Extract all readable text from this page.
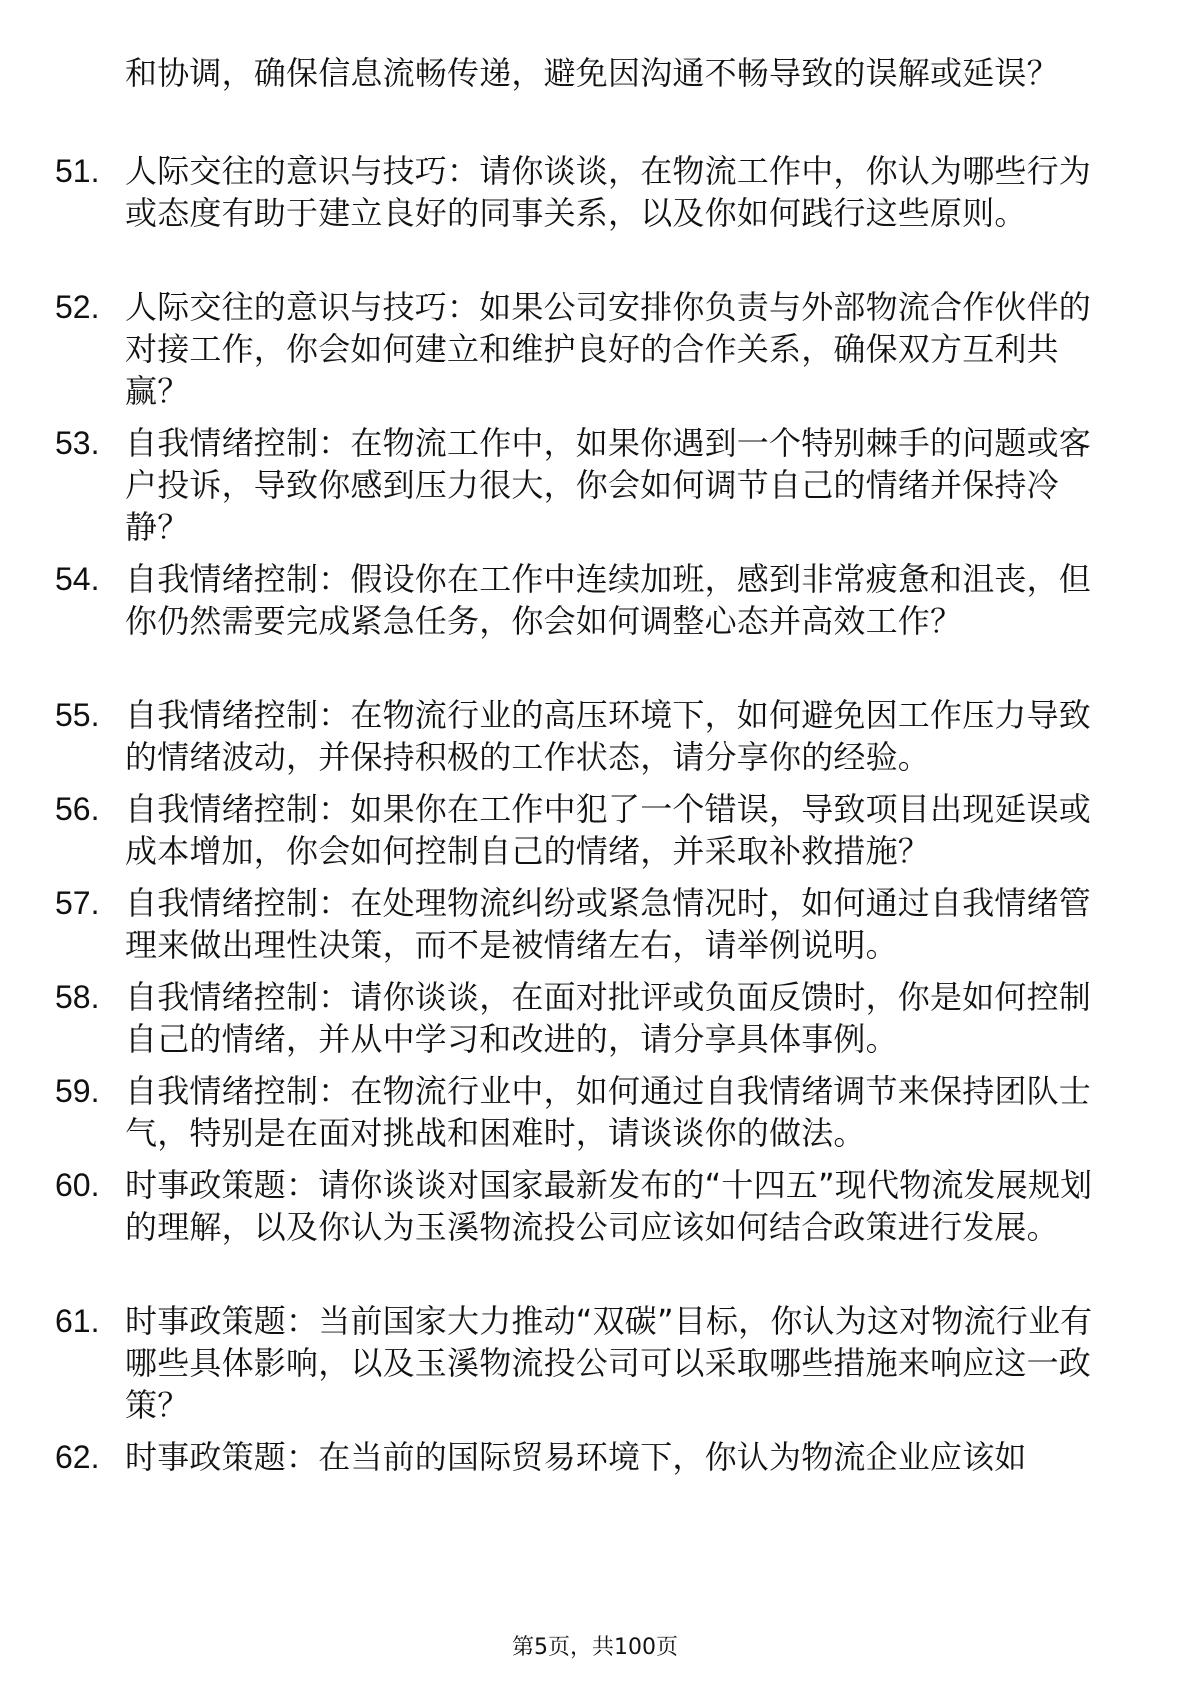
和协调，确保信息流畅传递，避免因沟通不畅导致的误解或延误？
51. 人际交往的意识与技巧：请你谈谈，在物流工作中，你认为哪些行为或态度有助于建立良好的同事关系，以及你如何践行这些原则。
52. 人际交往的意识与技巧：如果公司安排你负责与外部物流合作伙伴的对接工作，你会如何建立和维护良好的合作关系，确保双方互利共赢？
53. 自我情绪控制：在物流工作中，如果你遇到一个特别棘手的问题或客户投诉，导致你感到压力很大，你会如何调节自己的情绪并保持冷静？
54. 自我情绪控制：假设你在工作中连续加班，感到非常疲惫和沮丧，但你仍然需要完成紧急任务，你会如何调整心态并高效工作？
55. 自我情绪控制：在物流行业的高压环境下，如何避免因工作压力导致的情绪波动，并保持积极的工作状态，请分享你的经验。
56. 自我情绪控制：如果你在工作中犯了一个错误，导致项目出现延误或成本增加，你会如何控制自己的情绪，并采取补救措施？
57. 自我情绪控制：在处理物流纠纷或紧急情况时，如何通过自我情绪管理来做出理性决策，而不是被情绪左右，请举例说明。
58. 自我情绪控制：请你谈谈，在面对批评或负面反馈时，你是如何控制自己的情绪，并从中学习和改进的，请分享具体事例。
59. 自我情绪控制：在物流行业中，如何通过自我情绪调节来保持团队士气，特别是在面对挑战和困难时，请谈谈你的做法。
60. 时事政策题：请你谈谈对国家最新发布的“十四五”现代物流发展规划的理解，以及你认为玉溪物流投公司应该如何结合政策进行发展。
61. 时事政策题：当前国家大力推动“双碳”目标，你认为这对物流行业有哪些具体影响，以及玉溪物流投公司可以采取哪些措施来响应这一政策？
62. 时事政策题：在当前的国际贸易环境下，你认为物流企业应该如
第5页，共100页
